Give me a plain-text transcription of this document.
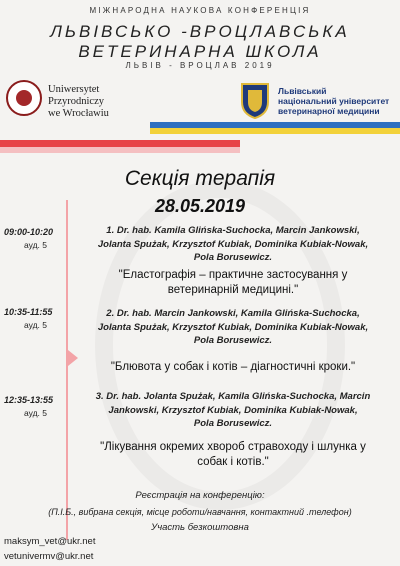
МІЖНАРОДНА НАУКОВА КОНФЕРЕНЦІЯ
ЛЬВІВСЬКО -ВРОЦЛАВСЬКА
ВЕТЕРИНАРНА ШКОЛА
ЛЬВІВ - ВРОЦЛАВ 2019
Uniwersytet
Przyrodniczy
we Wrocławiu
Львівський
національний університет
ветеринарної медицини
Секція терапія
28.05.2019
09:00-10:20
ауд. 5
1. Dr. hab. Kamila Glińska-Suchocka, Marcin Jankowski,
Jolanta Spużak, Krzysztof Kubiak, Dominika Kubiak-Nowak,
Pola Borusewicz.
"Еластографія – практичне застосування у
ветеринарній медицині."
10:35-11:55
ауд. 5
2. Dr. hab. Marcin Jankowski, Kamila Glińska-Suchocka,
Jolanta Spużak, Krzysztof Kubiak, Dominika Kubiak-Nowak,
Pola Borusewicz.
"Блювота у собак і котів – діагностичні кроки."
12:35-13:55
ауд. 5
3. Dr. hab. Jolanta Spużak, Kamila Glińska-Suchocka, Marcin
Jankowski, Krzysztof Kubiak, Dominika Kubiak-Nowak,
Pola Borusewicz.
"Лікування окремих хвороб стравоходу і шлунка у
собак і котів."
Реєстрація на конференцію:
(П.І.Б., вибрана секція, місце роботи/навчання, контактний .телефон)
Участь безкоштовна
maksym_vet@ukr.net
vetunivermv@ukr.net
